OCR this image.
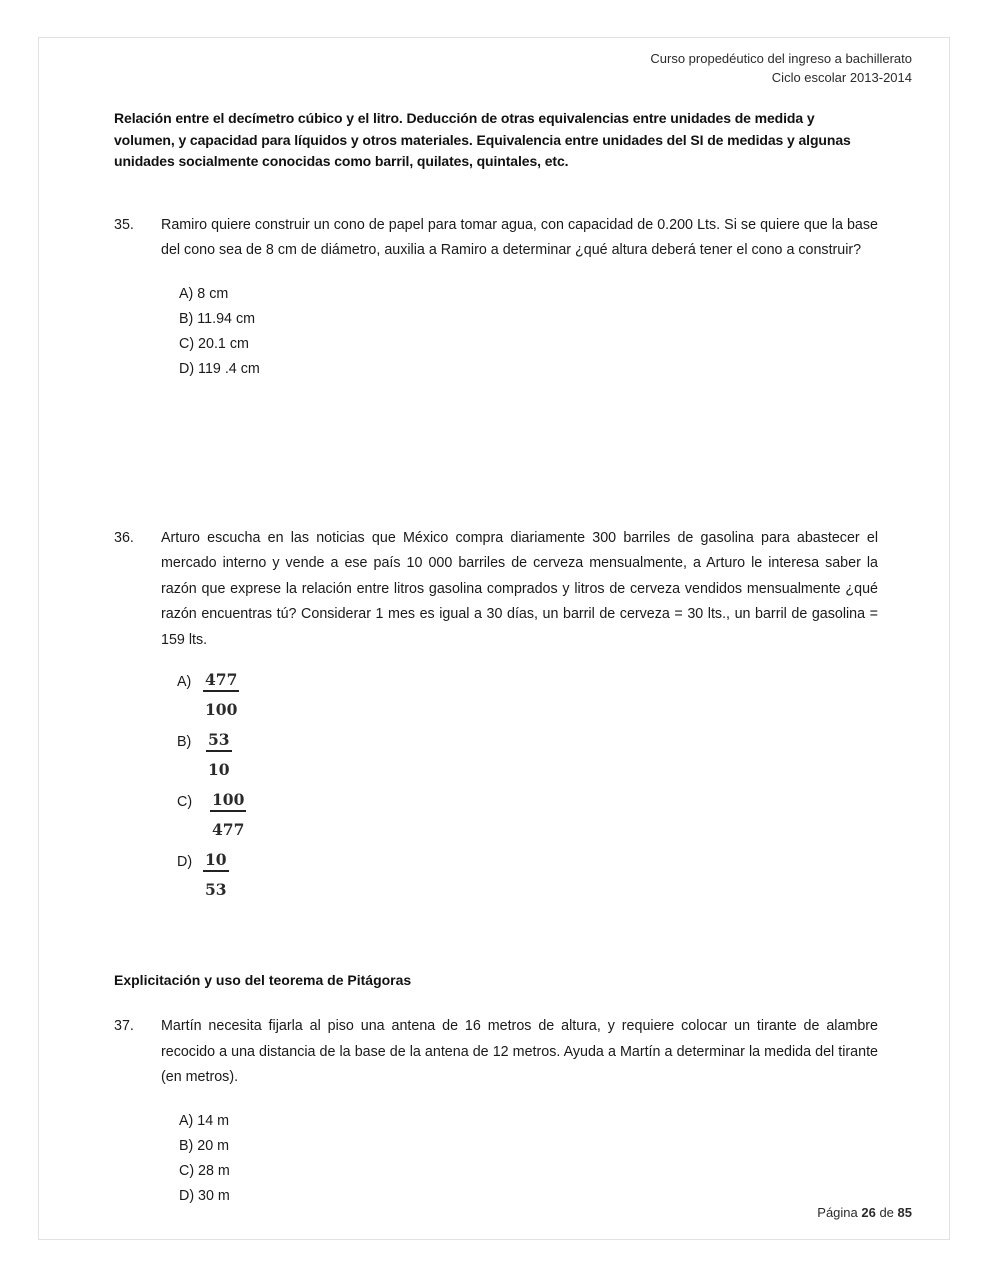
Curso propedéutico del ingreso a bachillerato
Ciclo escolar 2013-2014

Relación entre el decímetro cúbico y el litro. Deducción de otras equivalencias entre unidades de medida y volumen, y capacidad para líquidos y otros materiales. Equivalencia entre unidades del SI de medidas y algunas unidades socialmente conocidas como barril, quilates, quintales, etc.

35. Ramiro quiere construir un cono de papel para tomar agua, con capacidad de 0.200 Lts. Si se quiere que la base del cono sea de 8 cm de diámetro, auxilia a Ramiro a determinar ¿qué altura deberá tener el cono a construir?

A) 8 cm
B) 11.94 cm
C) 20.1 cm
D) 119 .4 cm
36. Arturo escucha en las noticias que México compra diariamente 300 barriles de gasolina para abastecer el mercado interno y vende a ese país 10 000 barriles de cerveza mensualmente, a Arturo le interesa saber la razón que exprese la relación entre litros gasolina comprados y litros de cerveza vendidos mensualmente ¿qué razón encuentras tú? Considerar 1 mes es igual a 30 días, un barril de cerveza = 30 lts., un barril de gasolina = 159 lts.

$A) \frac{477}{100}$
$B) \frac{53}{10}$
C)	$\frac{100}{477}$
$D) \frac{10}{53}$
Explicitación y uso del teorema de Pitágoras
37. Martín necesita fijarla al piso una antena de 16 metros de altura, y requiere colocar un tirante de alambre recocido a una distancia de la base de la antena de 12 metros. Ayuda a Martín a determinar la medida del tirante (en metros).

A) 14 m
B) 20 m
C) 28 m
D) 30 m
Página 26 de 85
